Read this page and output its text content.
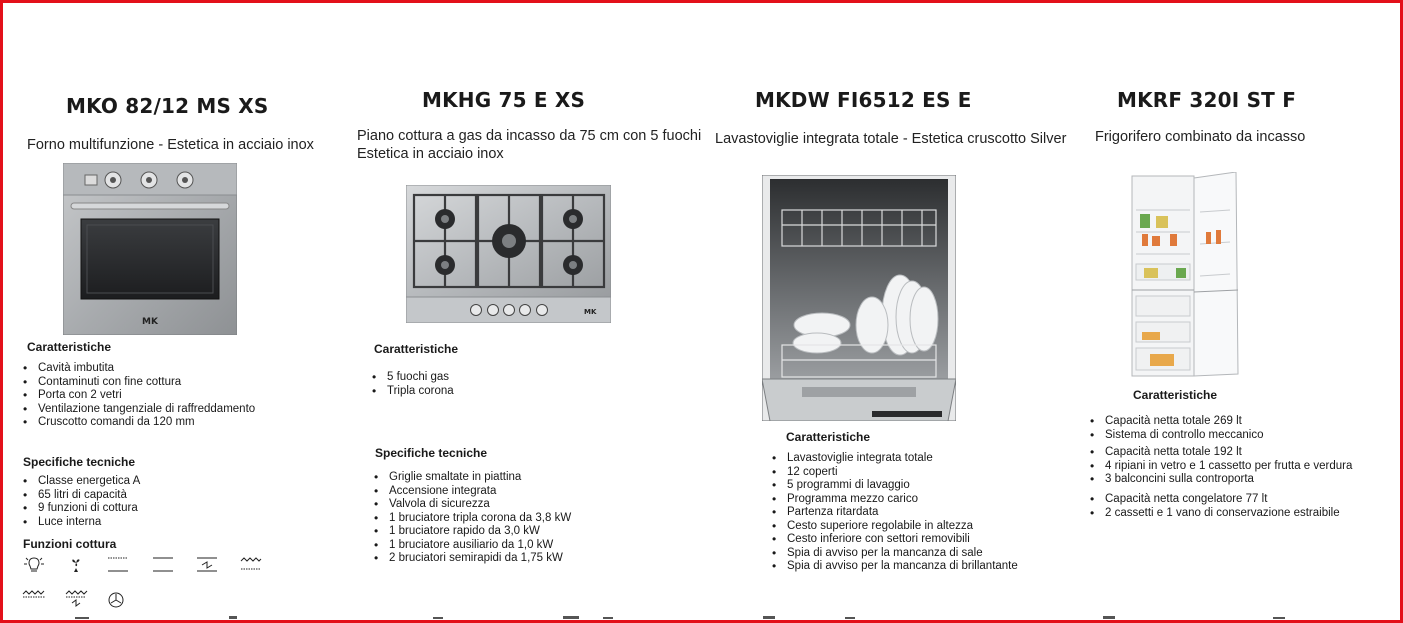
MKO 82/12 MS XS
Forno multifunzione - Estetica in acciaio inox
MK
Caratteristiche
• Cavità imbutita
• Contaminuti con fine cottura
• Porta con 2 vetri
• Ventilazione tangenziale di raffreddamento
• Cruscotto comandi da 120 mm
Specifiche tecniche
• Classe energetica A
• 65 litri di capacità
• 9 funzioni di cottura
• Luce interna
Funzioni cottura
MKHG 75 E XS
Piano cottura a gas da incasso da 75 cm con 5 fuochi
Estetica in acciaio inox
MK
Caratteristiche
• 5 fuochi gas
• Tripla corona
Specifiche tecniche
• Griglie smaltate in piattina
• Accensione integrata
• Valvola di sicurezza
• 1 bruciatore tripla corona da 3,8 kW
• 1 bruciatore rapido da 3,0 kW
• 1 bruciatore ausiliario da 1,0 kW
• 2 bruciatori semirapidi da 1,75 kW
MKDW FI6512 ES E
Lavastoviglie integrata totale - Estetica cruscotto Silver
Caratteristiche
• Lavastoviglie integrata totale
• 12 coperti
• 5 programmi di lavaggio
• Programma mezzo carico
• Partenza ritardata
• Cesto superiore regolabile in altezza
• Cesto inferiore con settori removibili
• Spia di avviso per la mancanza di sale
• Spia di avviso per la mancanza di brillantante
MKRF 320I ST F
Frigorifero combinato da incasso
Caratteristiche
• Capacità netta totale 269 lt
• Sistema di controllo meccanico
• Capacità netta totale 192 lt
• 4 ripiani in vetro e 1 cassetto per frutta e verdura
• 3 balconcini sulla controporta
• Capacità netta congelatore 77 lt
• 2 cassetti e 1 vano di conservazione estraibile
